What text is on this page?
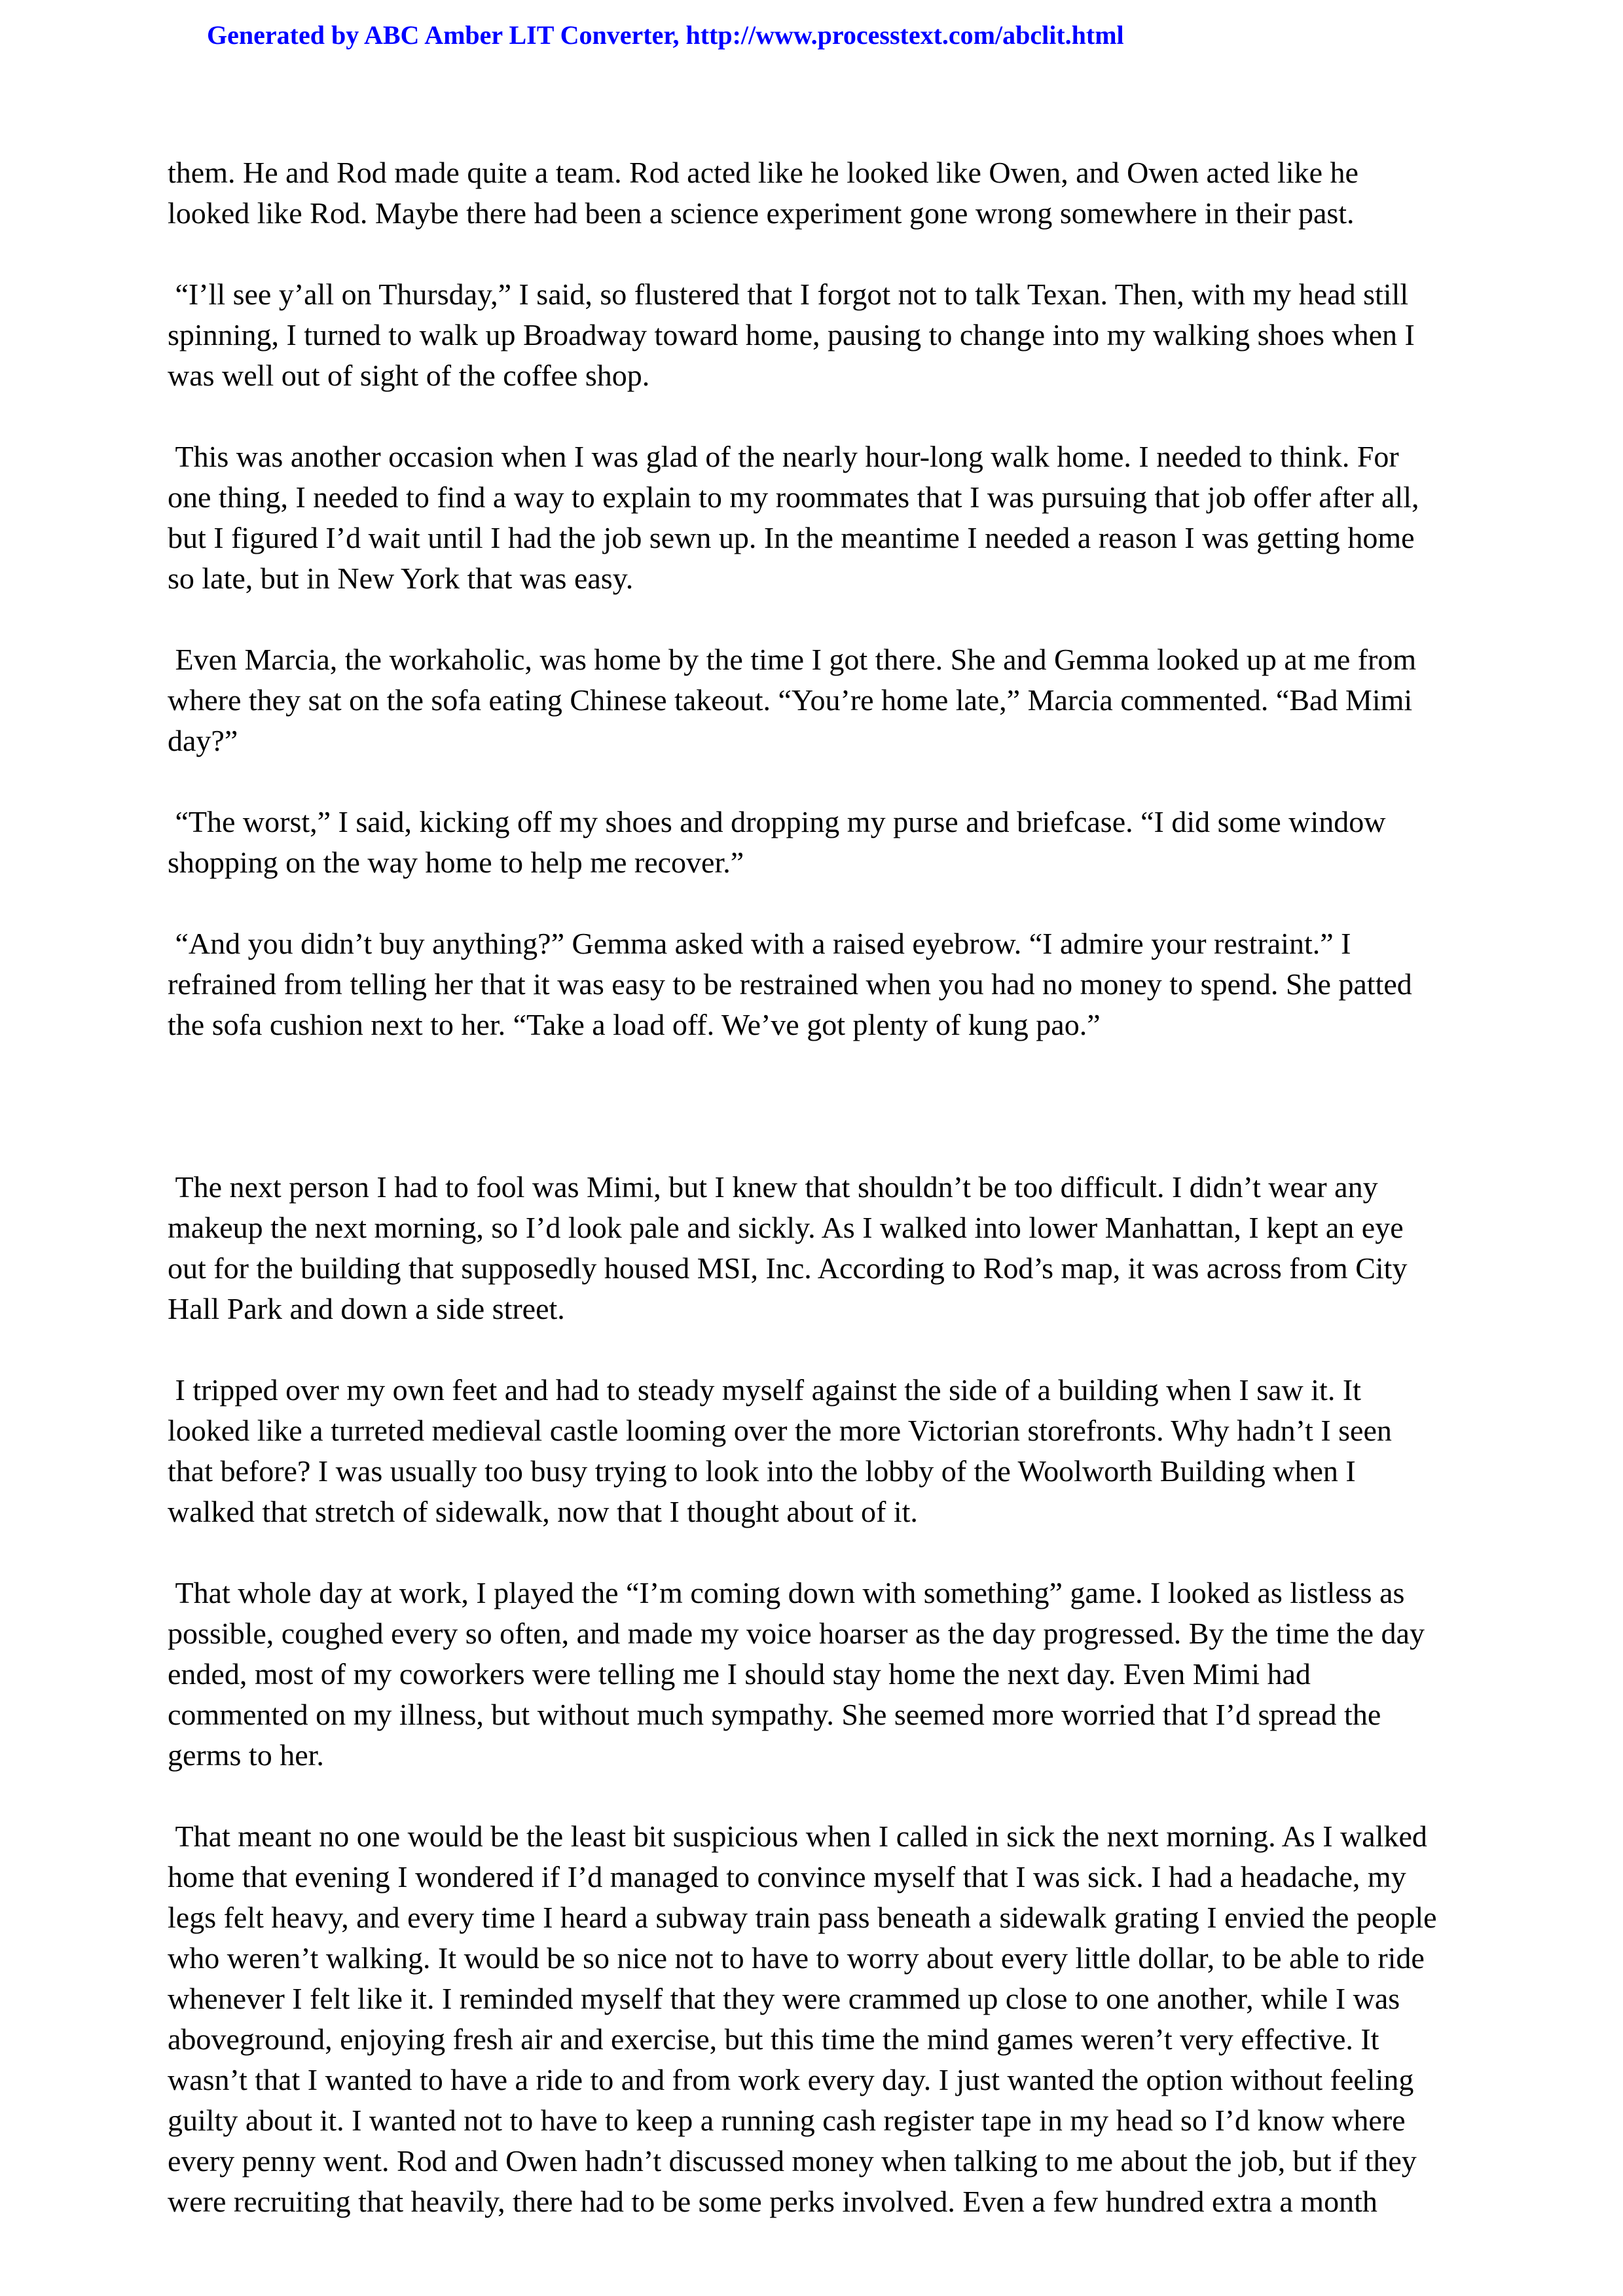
Generated by ABC Amber LIT Converter, http://www.processtext.com/abclit.html

them. He and Rod made quite a team. Rod acted like he looked like Owen, and Owen acted like he
looked like Rod. Maybe there had been a science experiment gone wrong somewhere in their past.

“I’ll see y’all on Thursday,” I said, so flustered that I forgot not to talk Texan. Then, with my head still
spinning, I turned to walk up Broadway toward home, pausing to change into my walking shoes when I
was well out of sight of the coffee shop.

This was another occasion when I was glad of the nearly hour-long walk home. I needed to think. For
one thing, I needed to find a way to explain to my roommates that I was pursuing that job offer after all,
but I figured I’d wait until I had the job sewn up. In the meantime I needed a reason I was getting home
so late, but in New York that was easy.

Even Marcia, the workaholic, was home by the time I got there. She and Gemma looked up at me from
where they sat on the sofa eating Chinese takeout. “You’re home late,” Marcia commented. “Bad Mimi
day?”

“The worst,” I said, kicking off my shoes and dropping my purse and briefcase. “I did some window
shopping on the way home to help me recover.”

“And you didn’t buy anything?” Gemma asked with a raised eyebrow. “I admire your restraint.” I
refrained from telling her that it was easy to be restrained when you had no money to spend. She patted
the sofa cushion next to her. “Take a load off. We’ve got plenty of kung pao.”

The next person I had to fool was Mimi, but I knew that shouldn’t be too difficult. I didn’t wear any
makeup the next morning, so I’d look pale and sickly. As I walked into lower Manhattan, I kept an eye
out for the building that supposedly housed MSI, Inc. According to Rod’s map, it was across from City
Hall Park and down a side street.

I tripped over my own feet and had to steady myself against the side of a building when I saw it. It
looked like a turreted medieval castle looming over the more Victorian storefronts. Why hadn’t I seen
that before? I was usually too busy trying to look into the lobby of the Woolworth Building when I
walked that stretch of sidewalk, now that I thought about of it.

That whole day at work, I played the “I’m coming down with something” game. I looked as listless as
possible, coughed every so often, and made my voice hoarser as the day progressed. By the time the day
ended, most of my coworkers were telling me I should stay home the next day. Even Mimi had
commented on my illness, but without much sympathy. She seemed more worried that I’d spread the
germs to her.

That meant no one would be the least bit suspicious when I called in sick the next morning. As I walked
home that evening I wondered if I’d managed to convince myself that I was sick. I had a headache, my
legs felt heavy, and every time I heard a subway train pass beneath a sidewalk grating I envied the people
who weren’t walking. It would be so nice not to have to worry about every little dollar, to be able to ride
whenever I felt like it. I reminded myself that they were crammed up close to one another, while I was
aboveground, enjoying fresh air and exercise, but this time the mind games weren’t very effective. It
wasn’t that I wanted to have a ride to and from work every day. I just wanted the option without feeling
guilty about it. I wanted not to have to keep a running cash register tape in my head so I’d know where
every penny went. Rod and Owen hadn’t discussed money when talking to me about the job, but if they
were recruiting that heavily, there had to be some perks involved. Even a few hundred extra a month
